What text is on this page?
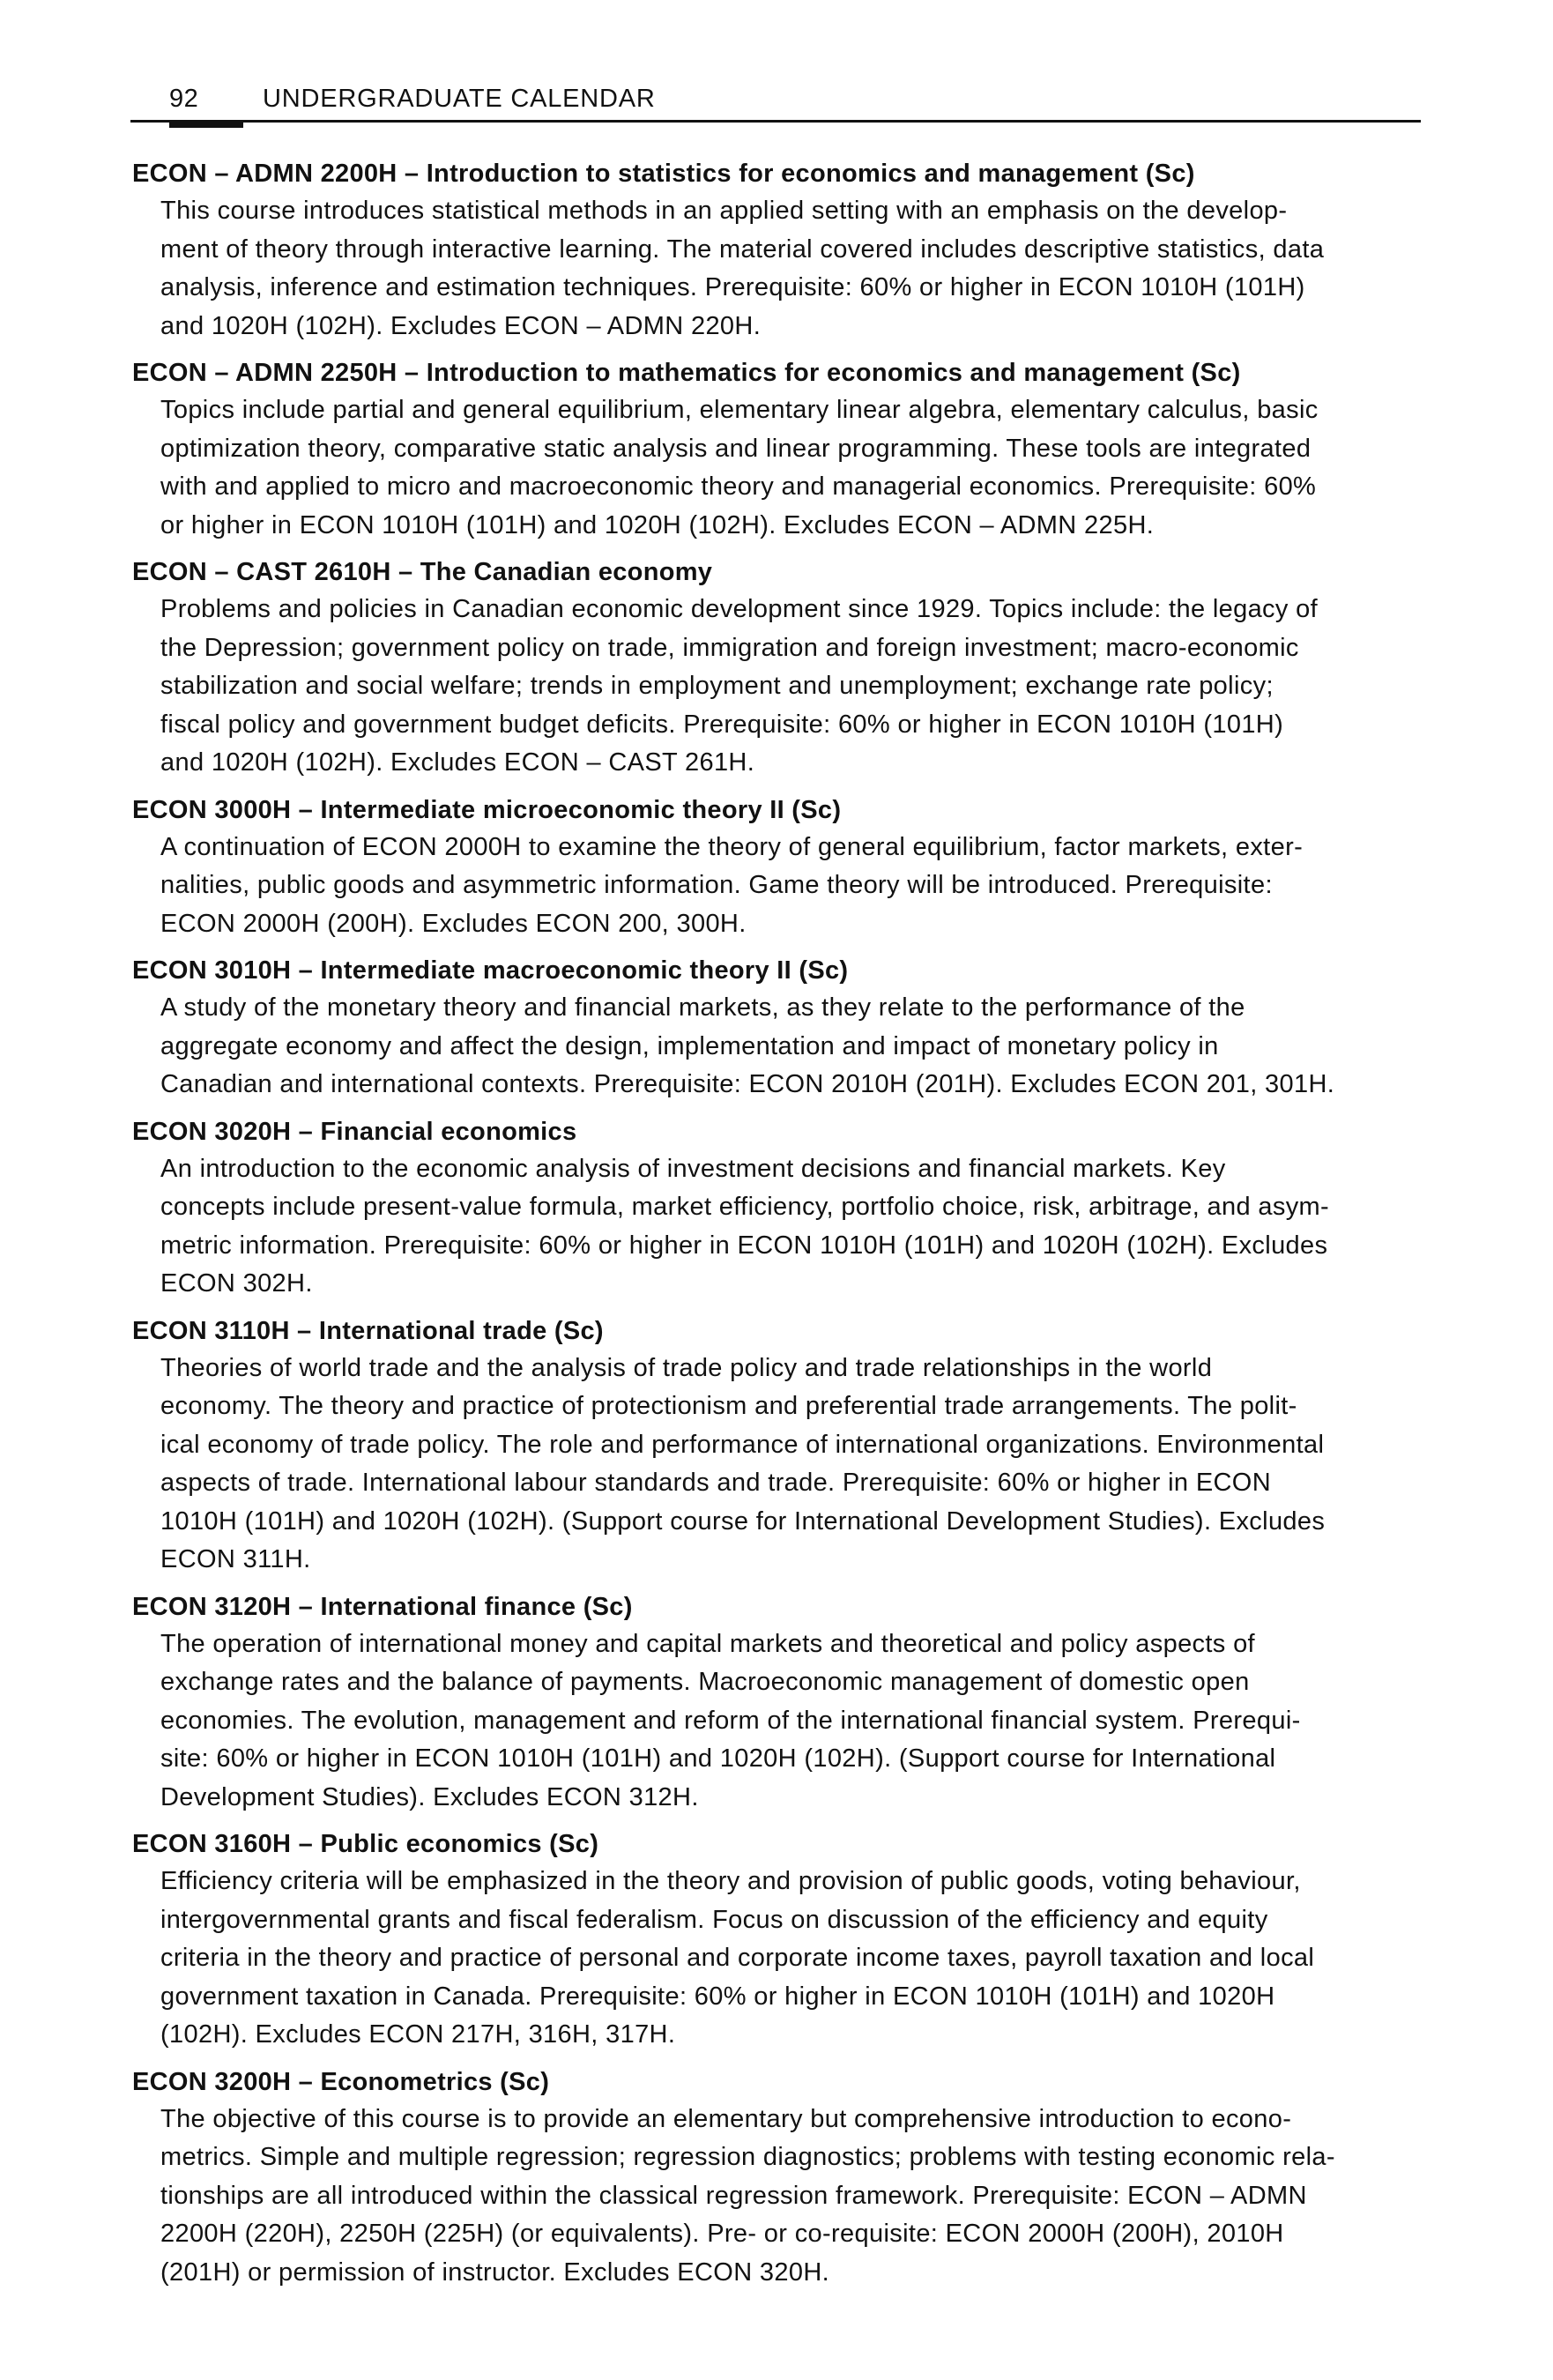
92	UNDERGRADUATE CALENDAR
ECON – ADMN 2200H – Introduction to statistics for economics and management (Sc)
This course introduces statistical methods in an applied setting with an emphasis on the develop-
ment of theory through interactive learning. The material covered includes descriptive statistics, data
analysis, inference and estimation techniques. Prerequisite: 60% or higher in ECON 1010H (101H)
and 1020H (102H). Excludes ECON – ADMN 220H.
ECON – ADMN 2250H – Introduction to mathematics for economics and management (Sc)
Topics include partial and general equilibrium, elementary linear algebra, elementary calculus, basic
optimization theory, comparative static analysis and linear programming. These tools are integrated
with and applied to micro and macroeconomic theory and managerial economics. Prerequisite: 60%
or higher in ECON 1010H (101H) and 1020H (102H). Excludes ECON – ADMN 225H.
ECON – CAST 2610H – The Canadian economy
Problems and policies in Canadian economic development since 1929. Topics include: the legacy of
the Depression; government policy on trade, immigration and foreign investment; macro-economic
stabilization and social welfare; trends in employment and unemployment; exchange rate policy;
fiscal policy and government budget deficits. Prerequisite: 60% or higher in ECON 1010H (101H)
and 1020H (102H). Excludes ECON – CAST 261H.
ECON 3000H – Intermediate microeconomic theory II (Sc)
A continuation of ECON 2000H to examine the theory of general equilibrium, factor markets, exter-
nalities, public goods and asymmetric information. Game theory will be introduced. Prerequisite:
ECON 2000H (200H). Excludes ECON 200, 300H.
ECON 3010H – Intermediate macroeconomic theory II (Sc)
A study of the monetary theory and financial markets, as they relate to the performance of the
aggregate economy and affect the design, implementation and impact of monetary policy in
Canadian and international contexts. Prerequisite: ECON 2010H (201H). Excludes ECON 201, 301H.
ECON 3020H – Financial economics
An introduction to the economic analysis of investment decisions and financial markets. Key
concepts include present-value formula, market efficiency, portfolio choice, risk, arbitrage, and asym-
metric information. Prerequisite: 60% or higher in ECON 1010H (101H) and 1020H (102H). Excludes
ECON 302H.
ECON 3110H – International trade (Sc)
Theories of world trade and the analysis of trade policy and trade relationships in the world
economy. The theory and practice of protectionism and preferential trade arrangements. The polit-
ical economy of trade policy. The role and performance of international organizations. Environmental
aspects of trade. International labour standards and trade. Prerequisite: 60% or higher in ECON
1010H (101H) and 1020H (102H). (Support course for International Development Studies). Excludes
ECON 311H.
ECON 3120H – International finance (Sc)
The operation of international money and capital markets and theoretical and policy aspects of
exchange rates and the balance of payments. Macroeconomic management of domestic open
economies. The evolution, management and reform of the international financial system. Prerequi-
site: 60% or higher in ECON 1010H (101H) and 1020H (102H). (Support course for International
Development Studies). Excludes ECON 312H.
ECON 3160H – Public economics (Sc)
Efficiency criteria will be emphasized in the theory and provision of public goods, voting behaviour,
intergovernmental grants and fiscal federalism. Focus on discussion of the efficiency and equity
criteria in the theory and practice of personal and corporate income taxes, payroll taxation and local
government taxation in Canada. Prerequisite: 60% or higher in ECON 1010H (101H) and 1020H
(102H). Excludes ECON 217H, 316H, 317H.
ECON 3200H – Econometrics (Sc)
The objective of this course is to provide an elementary but comprehensive introduction to econo-
metrics. Simple and multiple regression; regression diagnostics; problems with testing economic rela-
tionships are all introduced within the classical regression framework. Prerequisite: ECON – ADMN
2200H (220H), 2250H (225H) (or equivalents). Pre- or co-requisite: ECON 2000H (200H), 2010H
(201H) or permission of instructor. Excludes ECON 320H.
